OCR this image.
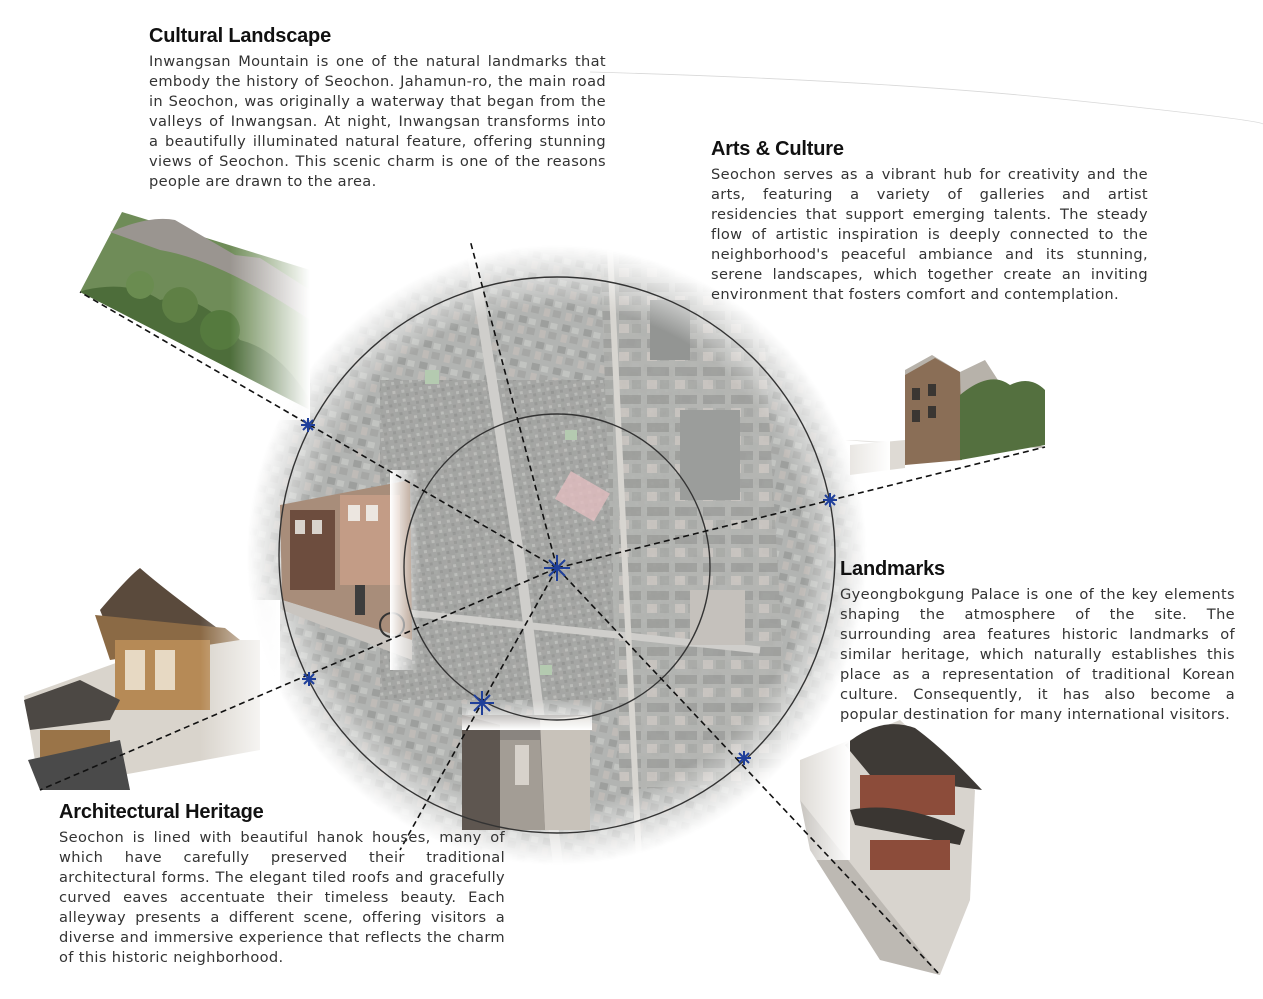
Cultural Landscape

Inwangsan Mountain is one of the natural landmarks that embody the history of Seochon. Jahamun-ro, the main road in Seochon, was originally a waterway that began from the valleys of Inwangsan. At night, Inwangsan transforms into a beautifully illuminated natural feature, offering stunning views of Seochon. This scenic charm is one of the reasons people are drawn to the area.

Arts & Culture

Seochon serves as a vibrant hub for creativity and the arts, featuring a variety of galleries and artist residencies that support emerging talents. The steady flow of artistic inspiration is deeply connected to the neighborhood's peaceful ambiance and its stunning, serene landscapes, which together create an inviting environment that fosters comfort and contemplation.

Landmarks

Gyeongbokgung Palace is one of the key elements shaping the atmosphere of the site. The surrounding area features historic landmarks of similar heritage, which naturally establishes this place as a representation of traditional Korean culture. Consequently, it has also become a popular destination for many international visitors.

Architectural Heritage

Seochon is lined with beautiful hanok houses, many of which have carefully preserved their traditional architectural forms. The elegant tiled roofs and gracefully curved eaves accentuate their timeless beauty. Each alleyway presents a different scene, offering visitors a diverse and immersive experience that reflects the charm of this historic neighborhood.
